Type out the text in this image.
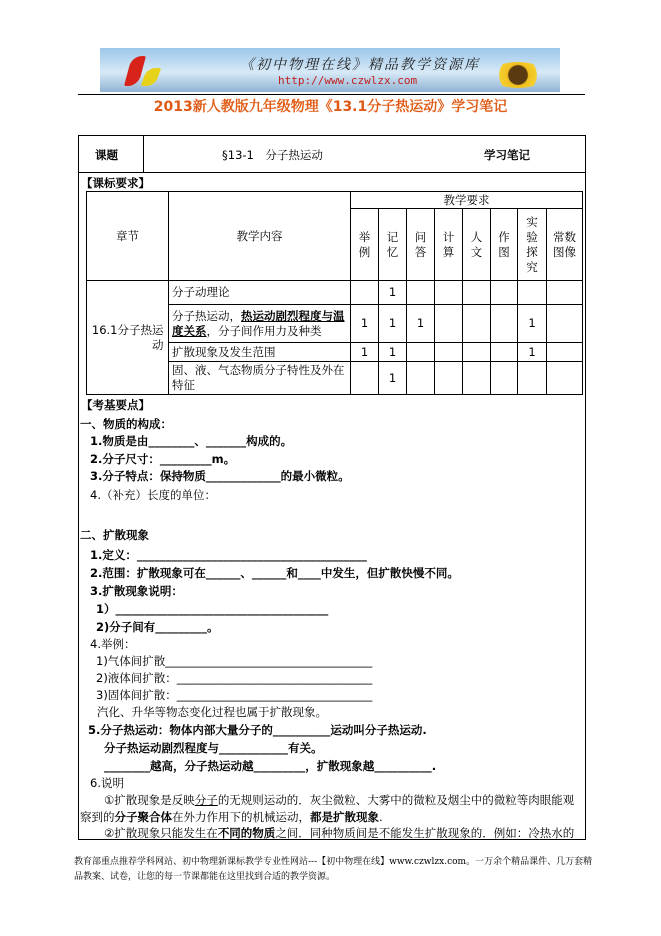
《初中物理在线》精品教学资源库
http://www.czwlzx.com
2013新人教版九年级物理《13.1分子热运动》学习笔记
课题	§13-1　分子热运动	学习笔记
【课标要求】
章节	教学内容	教学要求							

		举例	记忆	问答	计算	人文	作图	实验探究	常数图像

16.1分子热运动	分子动理论		1						
	分子热运动，热运动剧烈程度与温度关系，分子间作用力及种类	1	1	1				1	
	扩散现象及发生范围	1	1					1	
	固、液、气态物质分子特性及外在特征		1						
【考基要点】
一、物质的构成：
1.物质是由________、_______构成的。
2.分子尺寸：_________m。
3.分子特点：保持物质_____________的最小微粒。
4.（补充）长度的单位：
二、扩散现象
1.定义：________________________________________
2.范围：扩散现象可在______、______和____中发生，但扩散快慢不同。
3.扩散现象说明：
1）_____________________________________
2)分子间有_________。
4.举例：
1)气体间扩散____________________________________
2)液体间扩散：__________________________________
3)固体间扩散：__________________________________
汽化、升华等物态变化过程也属于扩散现象。
5.分子热运动：物体内部大量分子的__________运动叫分子热运动.
分子热运动剧烈程度与____________有关。
________越高，分子热运动越_________，扩散现象越__________.
6.说明
①扩散现象是反映分子的无规则运动的．灰尘微粒、大雾中的微粒及烟尘中的微粒等肉眼能观
察到的分子聚合体在外力作用下的机械运动，都是扩散现象.
②扩散现象只能发生在不同的物质之间．同种物质间是不能发生扩散现象的．例如：冷热水的
教育部重点推荐学科网站、初中物理新课标教学专业性网站---【初中物理在线】www.czwlzx.com。一万余个精品课件、几万套精品教案、试卷，让您的每一节课都能在这里找到合适的教学资源。
